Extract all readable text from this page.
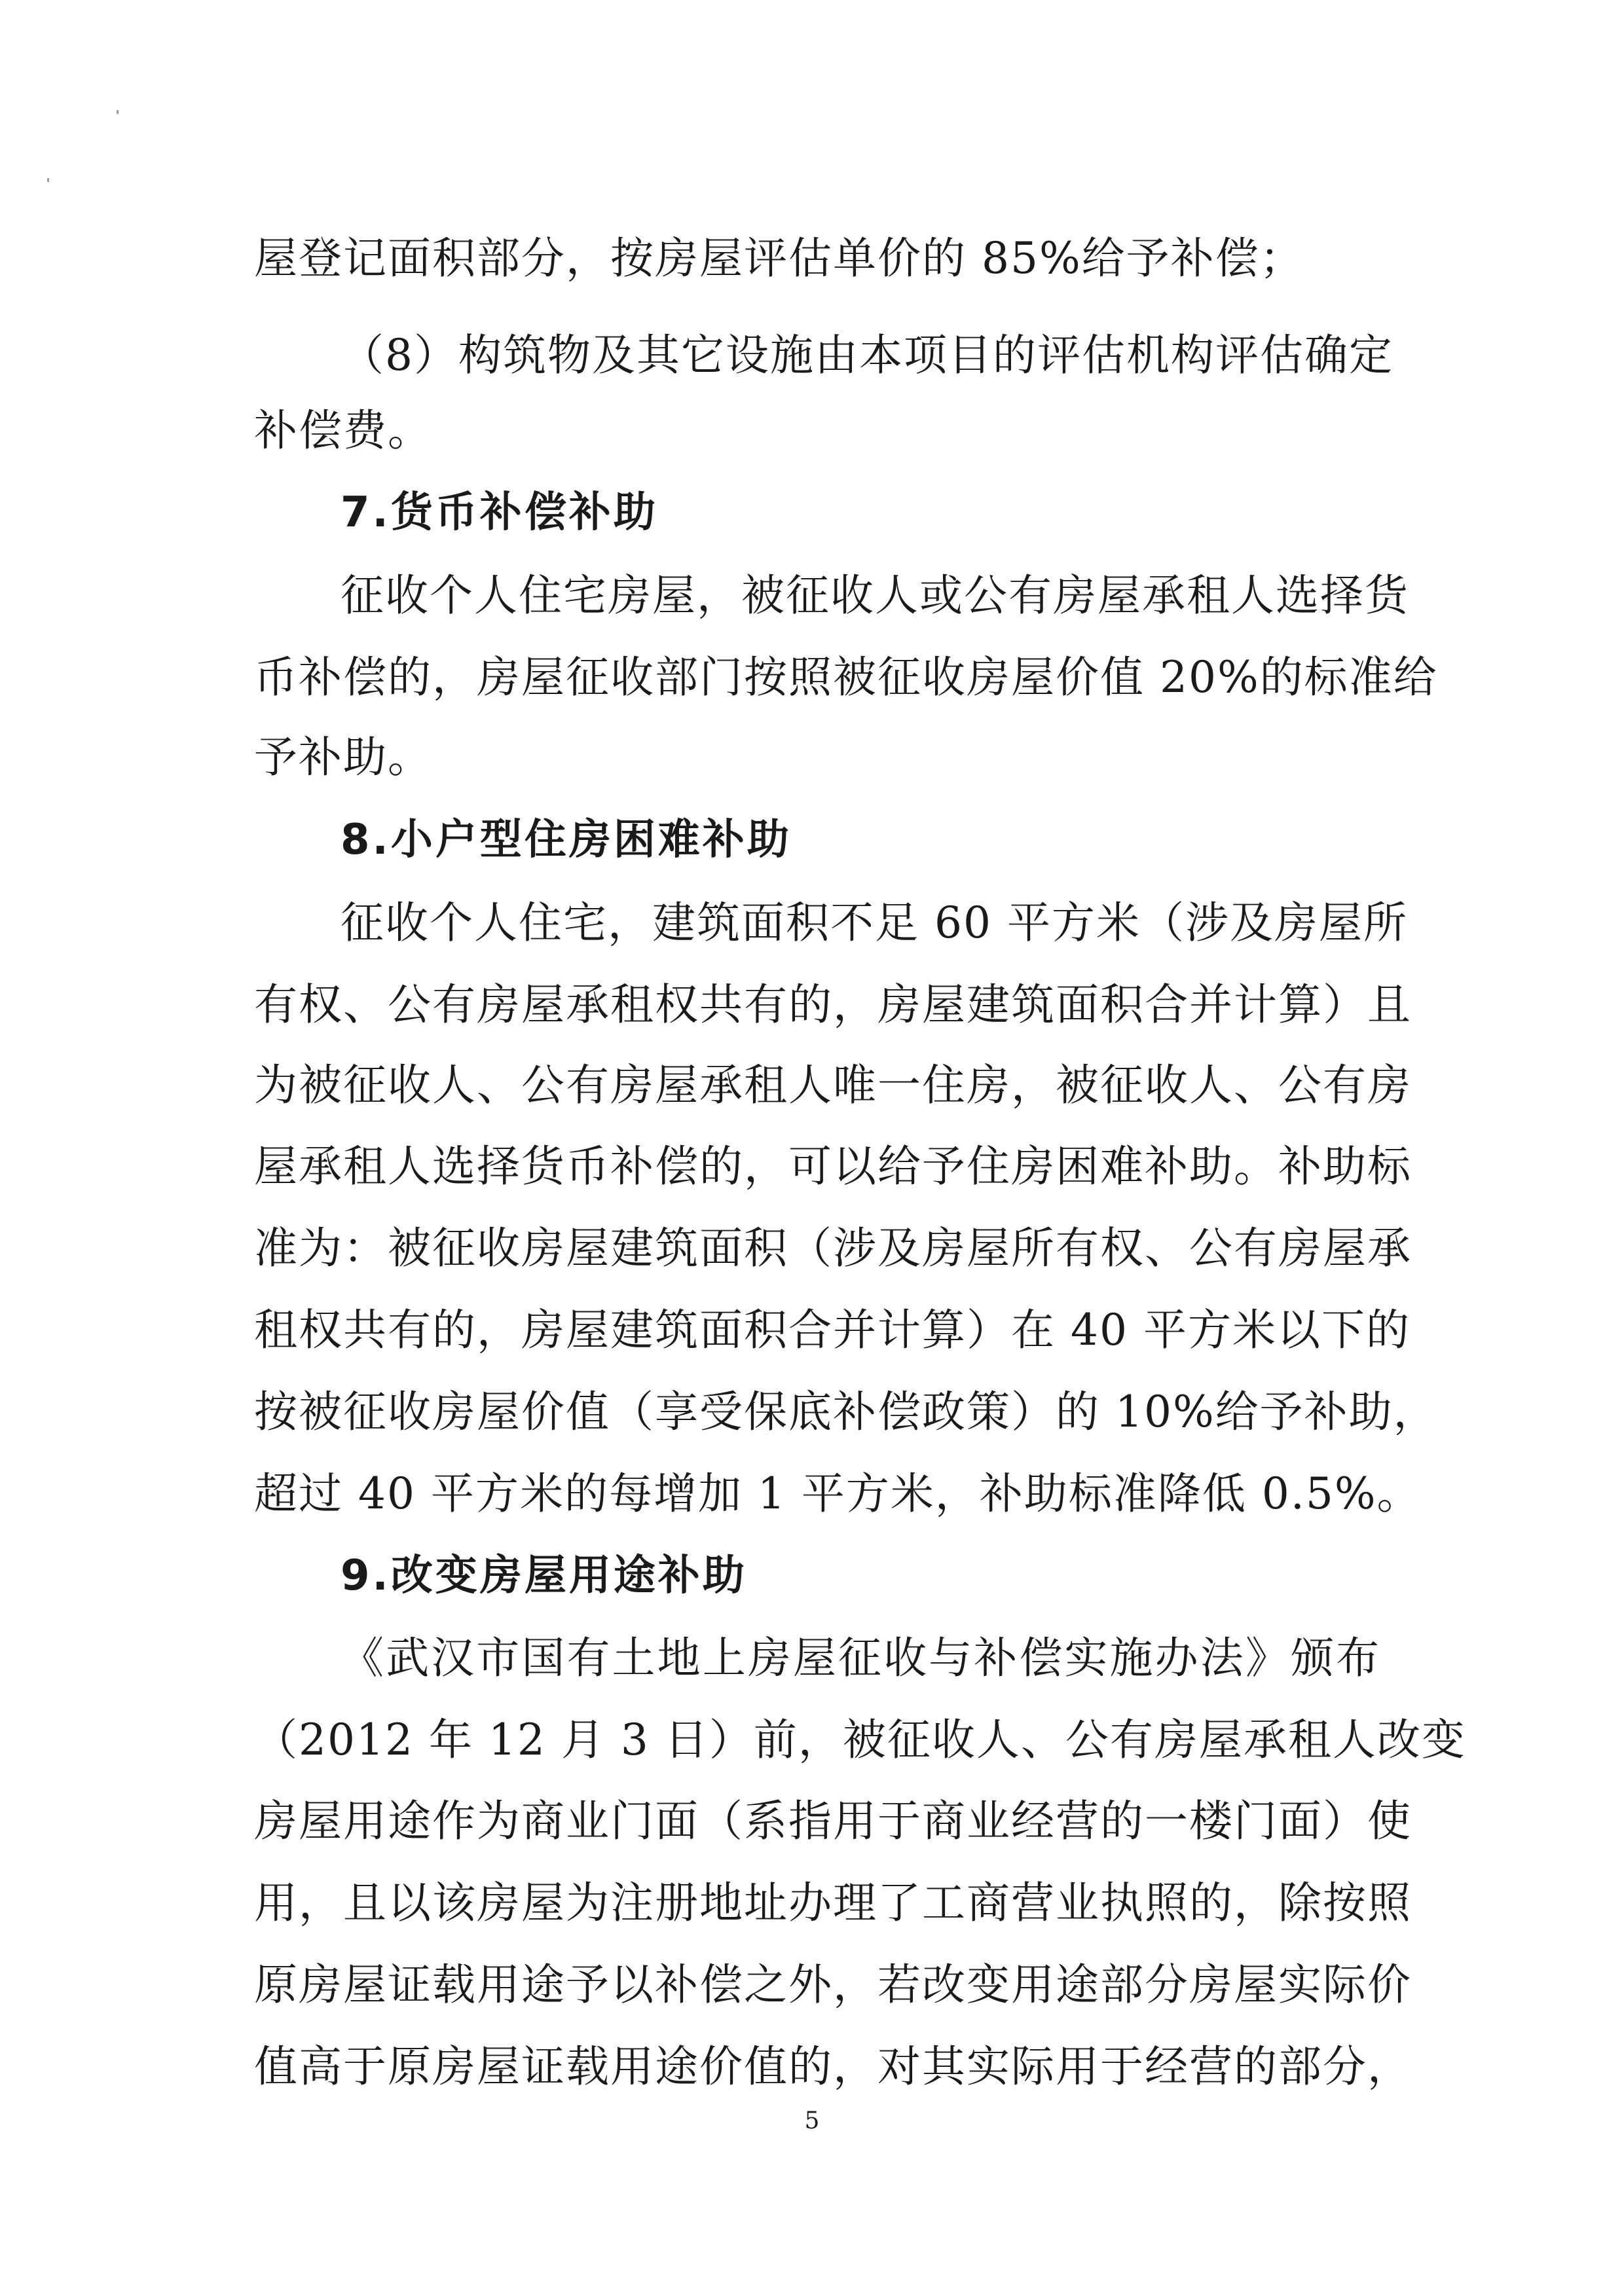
屋登记面积部分，按房屋评估单价的 85%给予补偿；
（8）构筑物及其它设施由本项目的评估机构评估确定
补偿费。
7.货币补偿补助
征收个人住宅房屋，被征收人或公有房屋承租人选择货
币补偿的，房屋征收部门按照被征收房屋价值 20%的标准给
予补助。
8.小户型住房困难补助
征收个人住宅，建筑面积不足 60 平方米（涉及房屋所
有权、公有房屋承租权共有的，房屋建筑面积合并计算）且
为被征收人、公有房屋承租人唯一住房，被征收人、公有房
屋承租人选择货币补偿的，可以给予住房困难补助。补助标
准为：被征收房屋建筑面积（涉及房屋所有权、公有房屋承
租权共有的，房屋建筑面积合并计算）在 40 平方米以下的
按被征收房屋价值（享受保底补偿政策）的 10%给予补助，
超过 40 平方米的每增加 1 平方米，补助标准降低 0.5%。
9.改变房屋用途补助
《武汉市国有土地上房屋征收与补偿实施办法》颁布
（2012 年 12 月 3 日）前，被征收人、公有房屋承租人改变
房屋用途作为商业门面（系指用于商业经营的一楼门面）使
用，且以该房屋为注册地址办理了工商营业执照的，除按照
原房屋证载用途予以补偿之外，若改变用途部分房屋实际价
值高于原房屋证载用途价值的，对其实际用于经营的部分，
5
